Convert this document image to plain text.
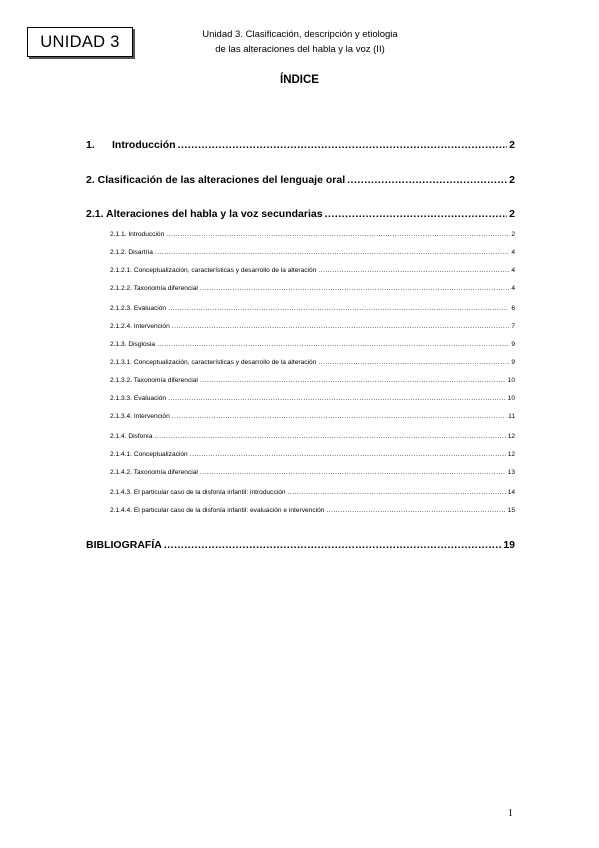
UNIDAD 3	Unidad 3. Clasificación, descripción y etiologia
de las alteraciones del habla y la voz (II)
ÍNDICE
1. Introducción .....	2
2. Clasificación de las alteraciones del lenguaje oral .....	2
2.1. Alteraciones del habla y la voz secundarias .....	2
2.1.1. Introducción .....	2
2.1.2. Disartria .....	4
2.1.2.1. Conceptualización, características y desarrollo de la alteración .....	4
2.1.2.2. Taxonomía diferencial .....	4
2.1.2.3. Evaluación .....	6
2.1.2.4. Intervención .....	7
2.1.3. Disglosia .....	9
2.1.3.1. Conceptualización, características y desarrollo de la alteración .....	9
2.1.3.2. Taxonomía diferencial .....	10
2.1.3.3. Evaluación .....	10
2.1.3.4. Intervención .....	11
2.1.4. Disfonía .....	12
2.1.4.1. Conceptualización .....	12
2.1.4.2. Taxonomía diferencial .....	13
2.1.4.3. El particular caso de la disfonía infantil: introducción .....	14
2.1.4.4. El particular caso de la disfonía infantil: evaluación e intervención .....	15
BIBLIOGRAFÍA .....	19
1
